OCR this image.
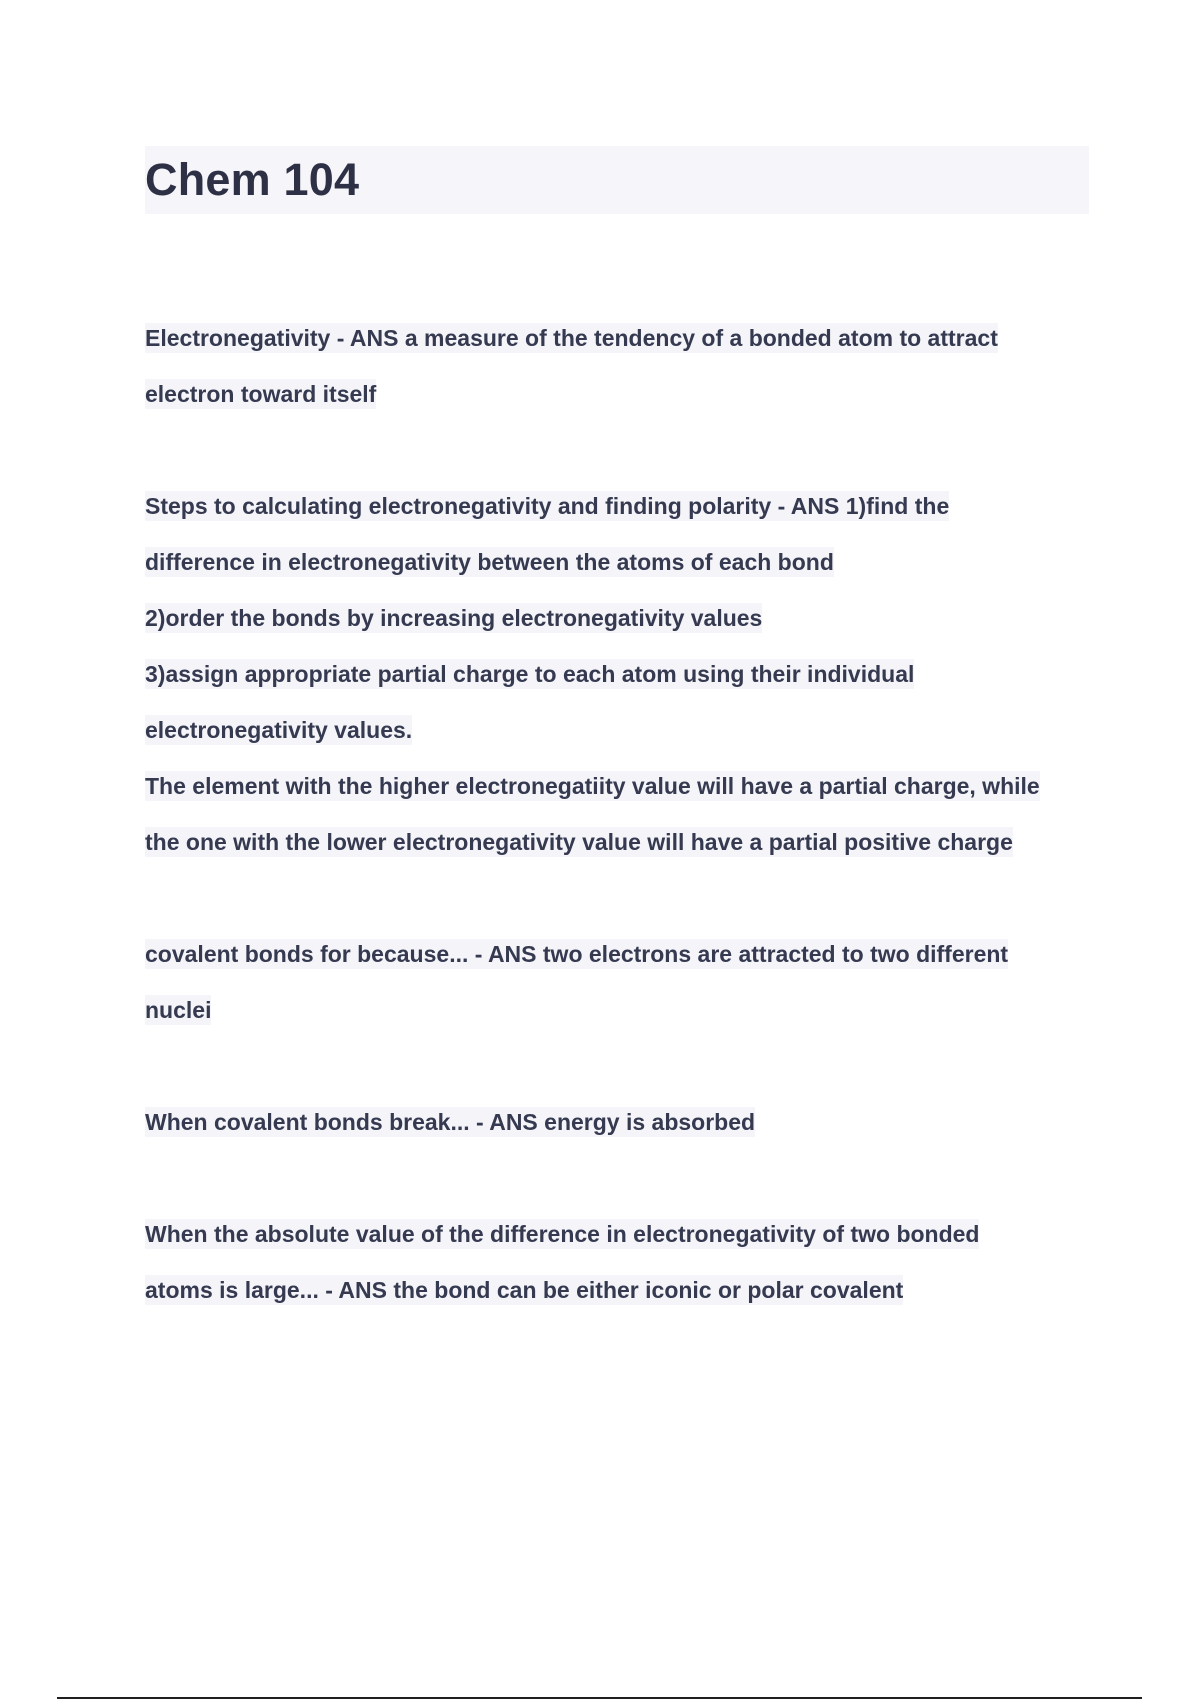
Chem 104
Electronegativity - ANS a measure of the tendency of a bonded atom to attract
electron toward itself
Steps to calculating electronegativity and finding polarity - ANS 1)find the
difference in electronegativity between the atoms of each bond
2)order the bonds by increasing electronegativity values
3)assign appropriate partial charge to each atom using their individual
electronegativity values.
The element with the higher electronegatiity value will have a partial charge, while
the one with the lower electronegativity value will have a partial positive charge
covalent bonds for because... - ANS two electrons are attracted to two different
nuclei
When covalent bonds break... - ANS energy is absorbed
When the absolute value of the difference in electronegativity of two bonded
atoms is large... - ANS the bond can be either iconic or polar covalent
